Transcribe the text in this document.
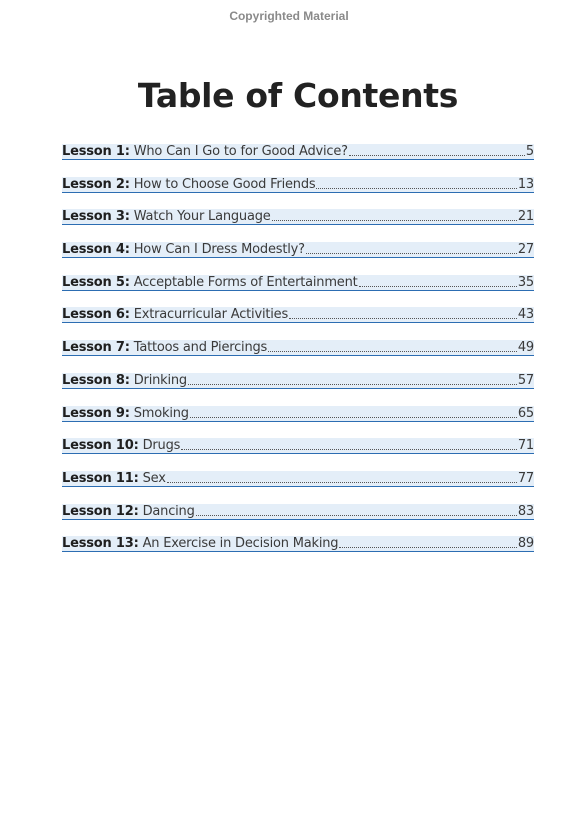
Copyrighted Material
Table of Contents
Lesson 1: Who Can I Go to for Good Advice?	5
Lesson 2: How to Choose Good Friends	13
Lesson 3: Watch Your Language	21
Lesson 4: How Can I Dress Modestly?	27
Lesson 5: Acceptable Forms of Entertainment	35
Lesson 6: Extracurricular Activities	43
Lesson 7: Tattoos and Piercings	49
Lesson 8: Drinking	57
Lesson 9: Smoking	65
Lesson 10: Drugs	71
Lesson 11: Sex	77
Lesson 12: Dancing	83
Lesson 13: An Exercise in Decision Making	89
